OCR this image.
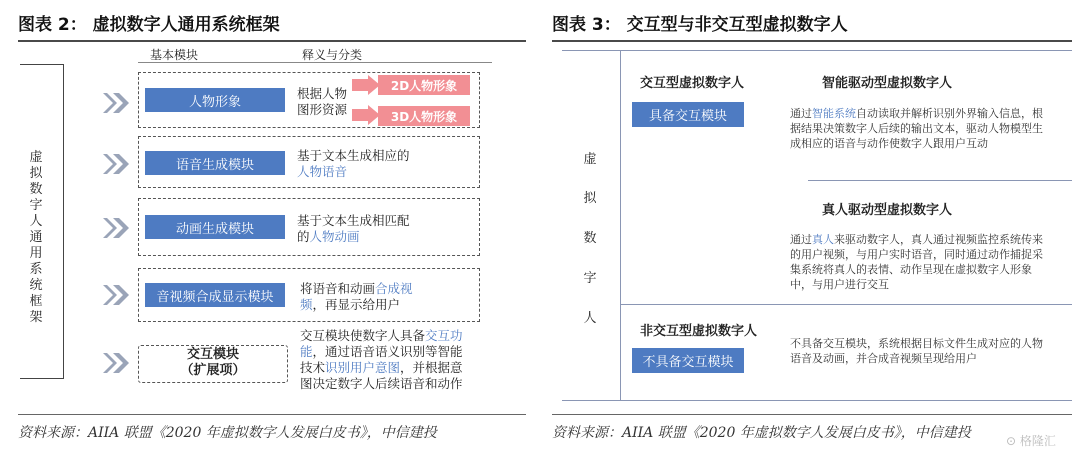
图表 2： 虚拟数字人通用系统框架
基本模块	释义与分类
虚拟数字人通用系统框架
人物形象
根据人物图形资源
2D人物形象
3D人物形象
语音生成模块
基于文本生成相应的人物语音
动画生成模块
基于文本生成相匹配的人物动画
音视频合成显示模块
将语音和动画合成视频，再显示给用户
交互模块
（扩展项）
交互模块使数字人具备交互功能，通过语音语义识别等智能技术识别用户意图，并根据意图决定数字人后续语音和动作
资料来源：AIIA 联盟《2020 年虚拟数字人发展白皮书》，中信建投
图表 3： 交互型与非交互型虚拟数字人
虚
拟
数
字
人
交互型虚拟数字人
具备交互模块
智能驱动型虚拟数字人
通过智能系统自动读取并解析识别外界输入信息，根据结果决策数字人后续的输出文本，驱动人物模型生成相应的语音与动作使数字人跟用户互动
真人驱动型虚拟数字人
通过真人来驱动数字人，真人通过视频监控系统传来的用户视频，与用户实时语音，同时通过动作捕捉采集系统将真人的表情、动作呈现在虚拟数字人形象中，与用户进行交互
非交互型虚拟数字人
不具备交互模块
不具备交互模块，系统根据目标文件生成对应的人物语音及动画，并合成音视频呈现给用户
资料来源：AIIA 联盟《2020 年虚拟数字人发展白皮书》，中信建投	⊙ 格隆汇
